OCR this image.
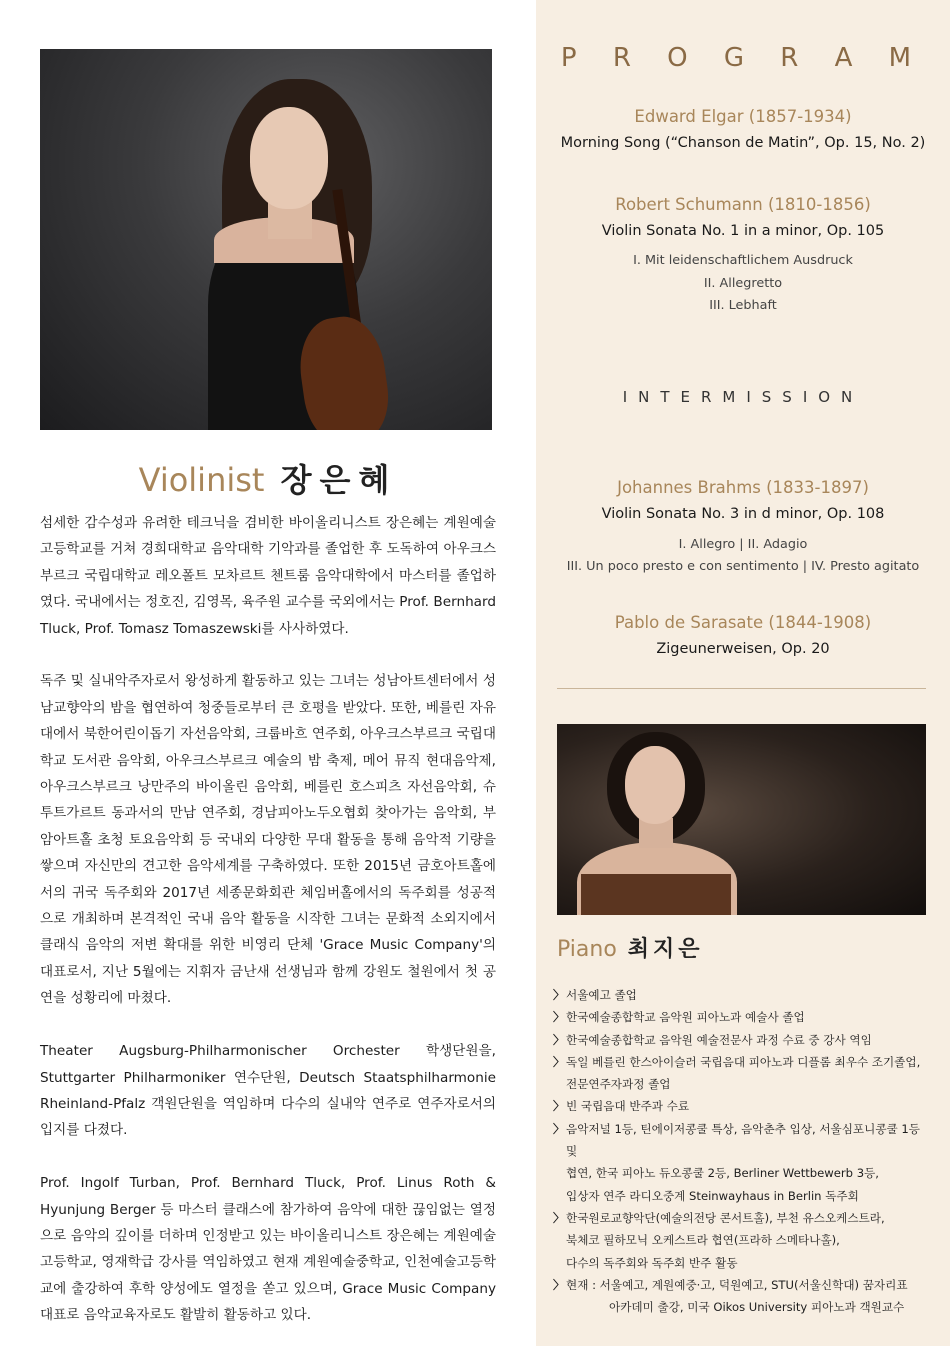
Violinist 장은혜

섬세한 감수성과 유려한 테크닉을 겸비한 바이올리니스트 장은혜는 계원예술고등학교를 거쳐 경희대학교 음악대학 기악과를 졸업한 후 도독하여 아우크스부르크 국립대학교 레오폴트 모차르트 첸트룸 음악대학에서 마스터를 졸업하였다. 국내에서는 정호진, 김영목, 육주원 교수를 국외에서는 Prof. Bernhard Tluck, Prof. Tomasz Tomaszewski를 사사하였다.

독주 및 실내악주자로서 왕성하게 활동하고 있는 그녀는 성남아트센터에서 성남교향악의 밤을 협연하여 청중들로부터 큰 호평을 받았다. 또한, 베를린 자유대에서 북한어린이돕기 자선음악회, 크룹바흐 연주회, 아우크스부르크 국립대학교 도서관 음악회, 아우크스부르크 예술의 밤 축제, 메어 뮤직 현대음악제, 아우크스부르크 낭만주의 바이올린 음악회, 베를린 호스피츠 자선음악회, 슈투트가르트 동과서의 만남 연주회, 경남피아노두오협회 찾아가는 음악회, 부암아트홀 초청 토요음악회 등 국내외 다양한 무대 활동을 통해 음악적 기량을 쌓으며 자신만의 견고한 음악세계를 구축하였다. 또한 2015년 금호아트홀에서의 귀국 독주회와 2017년 세종문화회관 체임버홀에서의 독주회를 성공적으로 개최하며 본격적인 국내 음악 활동을 시작한 그녀는 문화적 소외지에서 클래식 음악의 저변 확대를 위한 비영리 단체 'Grace Music Company'의 대표로서, 지난 5월에는 지휘자 금난새 선생님과 함께 강원도 철원에서 첫 공연을 성황리에 마쳤다.

Theater Augsburg-Philharmonischer Orchester 학생단원을, Stuttgarter Philharmoniker 연수단원, Deutsch Staatsphilharmonie Rheinland-Pfalz 객원단원을 역임하며 다수의 실내악 연주로 연주자로서의 입지를 다졌다.

Prof. Ingolf Turban, Prof. Bernhard Tluck, Prof. Linus Roth & Hyunjung Berger 등 마스터 클래스에 참가하여 음악에 대한 끊임없는 열정으로 음악의 깊이를 더하며 인정받고 있는 바이올리니스트 장은혜는 계원예술고등학교, 영재학급 강사를 역임하였고 현재 계원예술중학교, 인천예술고등학교에 출강하여 후학 양성에도 열정을 쏟고 있으며, Grace Music Company 대표로 음악교육자로도 활발히 활동하고 있다.

P R O G R A M
Edward Elgar (1857-1934)
Morning Song (“Chanson de Matin”, Op. 15, No. 2)
Robert Schumann (1810-1856)
Violin Sonata No. 1 in a minor, Op. 105
I. Mit leidenschaftlichem Ausdruck
II. Allegretto
III. Lebhaft
INTERMISSION
Johannes Brahms (1833-1897)
Violin Sonata No. 3 in d minor, Op. 108
I. Allegro | II. Adagio
III. Un poco presto e con sentimento | IV. Presto agitato
Pablo de Sarasate (1844-1908)
Zigeunerweisen, Op. 20
Piano 최지은
〉 서울예고 졸업
〉 한국예술종합학교 음악원 피아노과 예술사 졸업
〉 한국예술종합학교 음악원 예술전문사 과정 수료 중 강사 역임
〉 독일 베를린 한스아이슬러 국립음대 피아노과 디플롬 최우수 조기졸업,
전문연주자과정 졸업
〉 빈 국립음대 반주과 수료
〉 음악저널 1등, 틴에이저콩쿨 특상, 음악춘추 입상, 서울심포니콩쿨 1등 및
협연, 한국 피아노 듀오콩쿨 2등, Berliner Wettbewerb 3등,
입상자 연주 라디오중계 Steinwayhaus in Berlin 독주회
〉 한국원로교향악단(예술의전당 콘서트홀), 부천 유스오케스트라,
북체코 필하모닉 오케스트라 협연(프라하 스메타나홀),
다수의 독주회와 독주회 반주 활동
〉 현재 : 서울예고, 계원예중·고, 덕원예고, STU(서울신학대) 꿈자리표
아카데미 출강, 미국 Oikos University 피아노과 객원교수
